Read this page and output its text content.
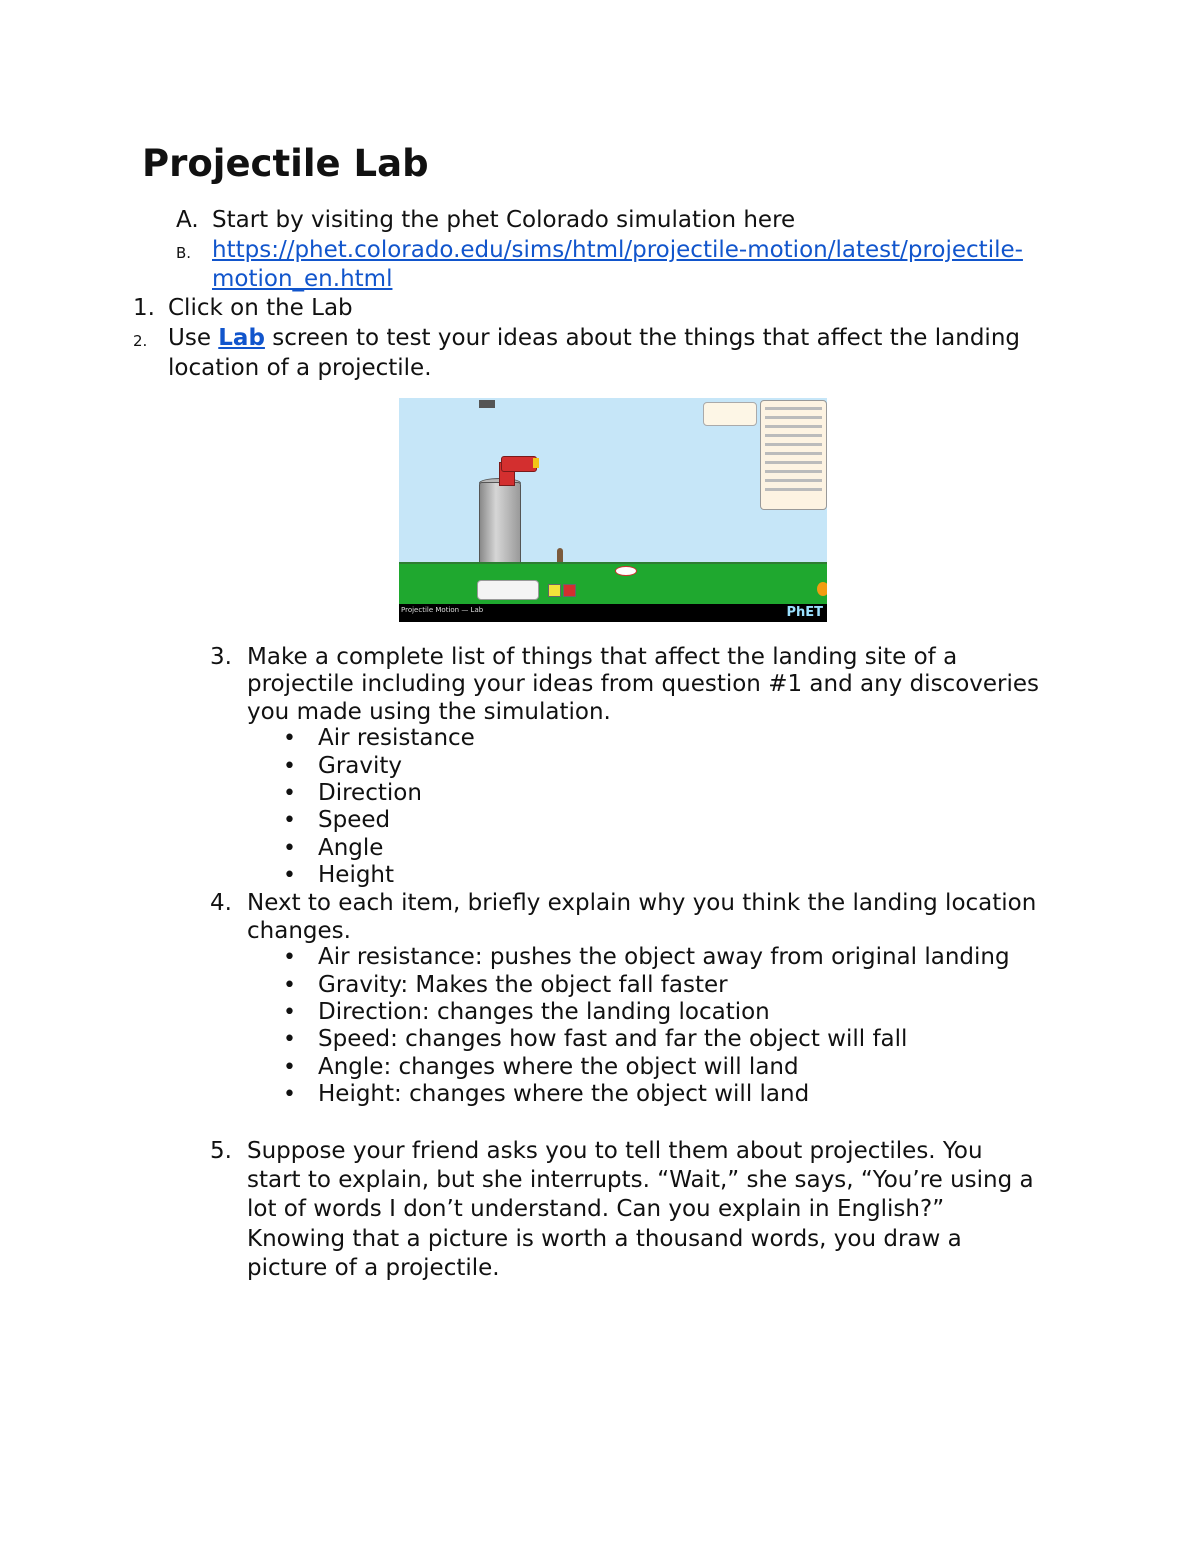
Projectile Lab
A. Start by visiting the phet Colorado simulation here

B. https://phet.colorado.edu/sims/html/projectile-motion/latest/projectile-

motion_en.html

1. Click on the Lab

2. Use Lab screen to test your ideas about the things that affect the landing

location of a projectile.

Projectile Motion — Lab	PhET
3. Make a complete list of things that affect the landing site of a

projectile including your ideas from question #1 and any discoveries

you made using the simulation.

• Air resistance
• Gravity
• Direction
• Speed
• Angle
• Height
4. Next to each item, briefly explain why you think the landing location

changes.

• Air resistance: pushes the object away from original landing
• Gravity: Makes the object fall faster
• Direction: changes the landing location
• Speed: changes how fast and far the object will fall
• Angle: changes where the object will land
• Height: changes where the object will land
5. Suppose your friend asks you to tell them about projectiles. You

start to explain, but she interrupts. “Wait,” she says, “You’re using a

lot of words I don’t understand. Can you explain in English?”

Knowing that a picture is worth a thousand words, you draw a

picture of a projectile.
